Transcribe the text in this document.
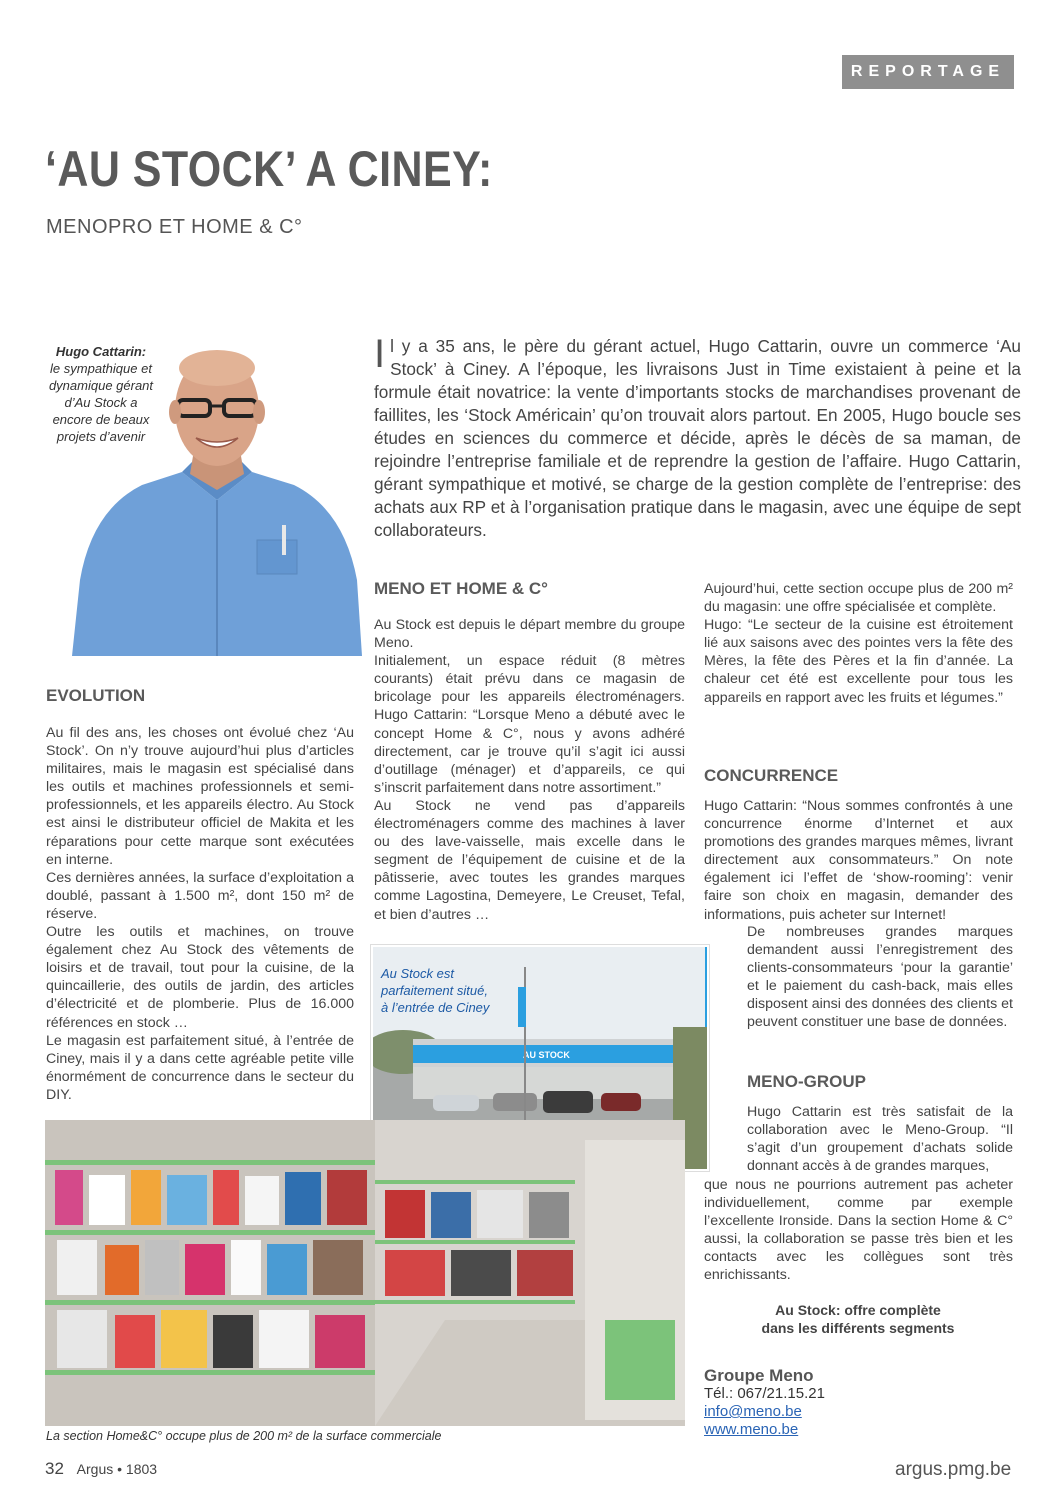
REPORTAGE
‘AU STOCK’ A CINEY:
MENOPRO ET HOME & C°
Hugo Cattarin:
le sympathique et
dynamique gérant
d’Au Stock a
encore de beaux
projets d’avenir
Il y a 35 ans, le père du gérant actuel, Hugo Cattarin, ouvre un commerce ‘Au Stock’ à Ciney. A l’époque, les livraisons Just in Time existaient à peine et la formule était novatrice: la vente d’importants stocks de marchandises provenant de faillites, les ‘Stock Américain’ qu’on trouvait alors partout. En 2005, Hugo boucle ses études en sciences du commerce et décide, après le décès de sa maman, de rejoindre l’entreprise familiale et de reprendre la gestion de l’affaire. Hugo Cattarin, gérant sympathique et motivé, se charge de la gestion complète de l’entreprise: des achats aux RP et à l’organisation pratique dans le magasin, avec une équipe de sept collaborateurs.
EVOLUTION

Au fil des ans, les choses ont évolué chez ‘Au Stock’. On n’y trouve aujourd’hui plus d’articles militaires, mais le magasin est spécialisé dans les outils et machines professionnels et semi-professionnels, et les appareils électro. Au Stock est ainsi le distributeur officiel de Makita et les réparations pour cette marque sont exécutées en interne.

Ces dernières années, la surface d’exploitation a doublé, passant à 1.500 m², dont 150 m² de réserve.

Outre les outils et machines, on trouve également chez Au Stock des vêtements de loisirs et de travail, tout pour la cuisine, de la quincaillerie, des outils de jardin, des articles d’électricité et de plomberie. Plus de 16.000 références en stock …

Le magasin est parfaitement situé, à l’entrée de Ciney, mais il y a dans cette agréable petite ville énormément de concurrence dans le secteur du DIY.

MENO ET HOME & C°

Au Stock est depuis le départ membre du groupe Meno.

Initialement, un espace réduit (8 mètres courants) était prévu dans ce magasin de bricolage pour les appareils électroménagers. Hugo Cattarin: “Lorsque Meno a débuté avec le concept Home & C°, nous y avons adhéré directement, car je trouve qu’il s’agit ici aussi d’outillage (ménager) et d’appareils, ce qui s’inscrit parfaitement dans notre assortiment.”

Au Stock ne vend pas d’appareils électroménagers comme des machines à laver ou des lave-vaisselle, mais excelle dans le segment de l’équipement de cuisine et de la pâtisserie, avec toutes les grandes marques comme Lagostina, Demeyere, Le Creuset, Tefal, et bien d’autres …

Aujourd’hui, cette section occupe plus de 200 m² du magasin: une offre spécialisée et complète.

Hugo: “Le secteur de la cuisine est étroitement lié aux saisons avec des pointes vers la fête des Mères, la fête des Pères et la fin d’année. La chaleur cet été est excellente pour tous les appareils en rapport avec les fruits et légumes.”

CONCURRENCE

Hugo Cattarin: “Nous sommes confrontés à une concurrence énorme d’Internet et aux promotions des grandes marques mêmes, livrant directement aux consommateurs.” On note également ici l’effet de ‘show-rooming’: venir faire son choix en magasin, demander des informations, puis acheter sur Internet!

De nombreuses grandes marques demandent aussi l’enregistrement des clients-consommateurs ‘pour la garantie’ et le paiement du cash-back, mais elles disposent ainsi des données des clients et peuvent constituer une base de données.

MENO-GROUP

Hugo Cattarin est très satisfait de la collaboration avec le Meno-Group. “Il s’agit d’un groupement d’achats solide donnant accès à de grandes marques,

que nous ne pourrions autrement pas acheter individuellement, comme par exemple l’excellente Ironside. Dans la section Home & C° aussi, la collaboration se passe très bien et les contacts avec les collègues sont très enrichissants.

AU STOCK
Au Stock est
parfaitement situé,
à l’entrée de Ciney
La section Home&C° occupe plus de 200 m² de la surface commerciale
Au Stock: offre complète
dans les différents segments
Groupe Meno
Tél.: 067/21.15.21
info@meno.be
www.meno.be
32 Argus • 1803	argus.pmg.be
